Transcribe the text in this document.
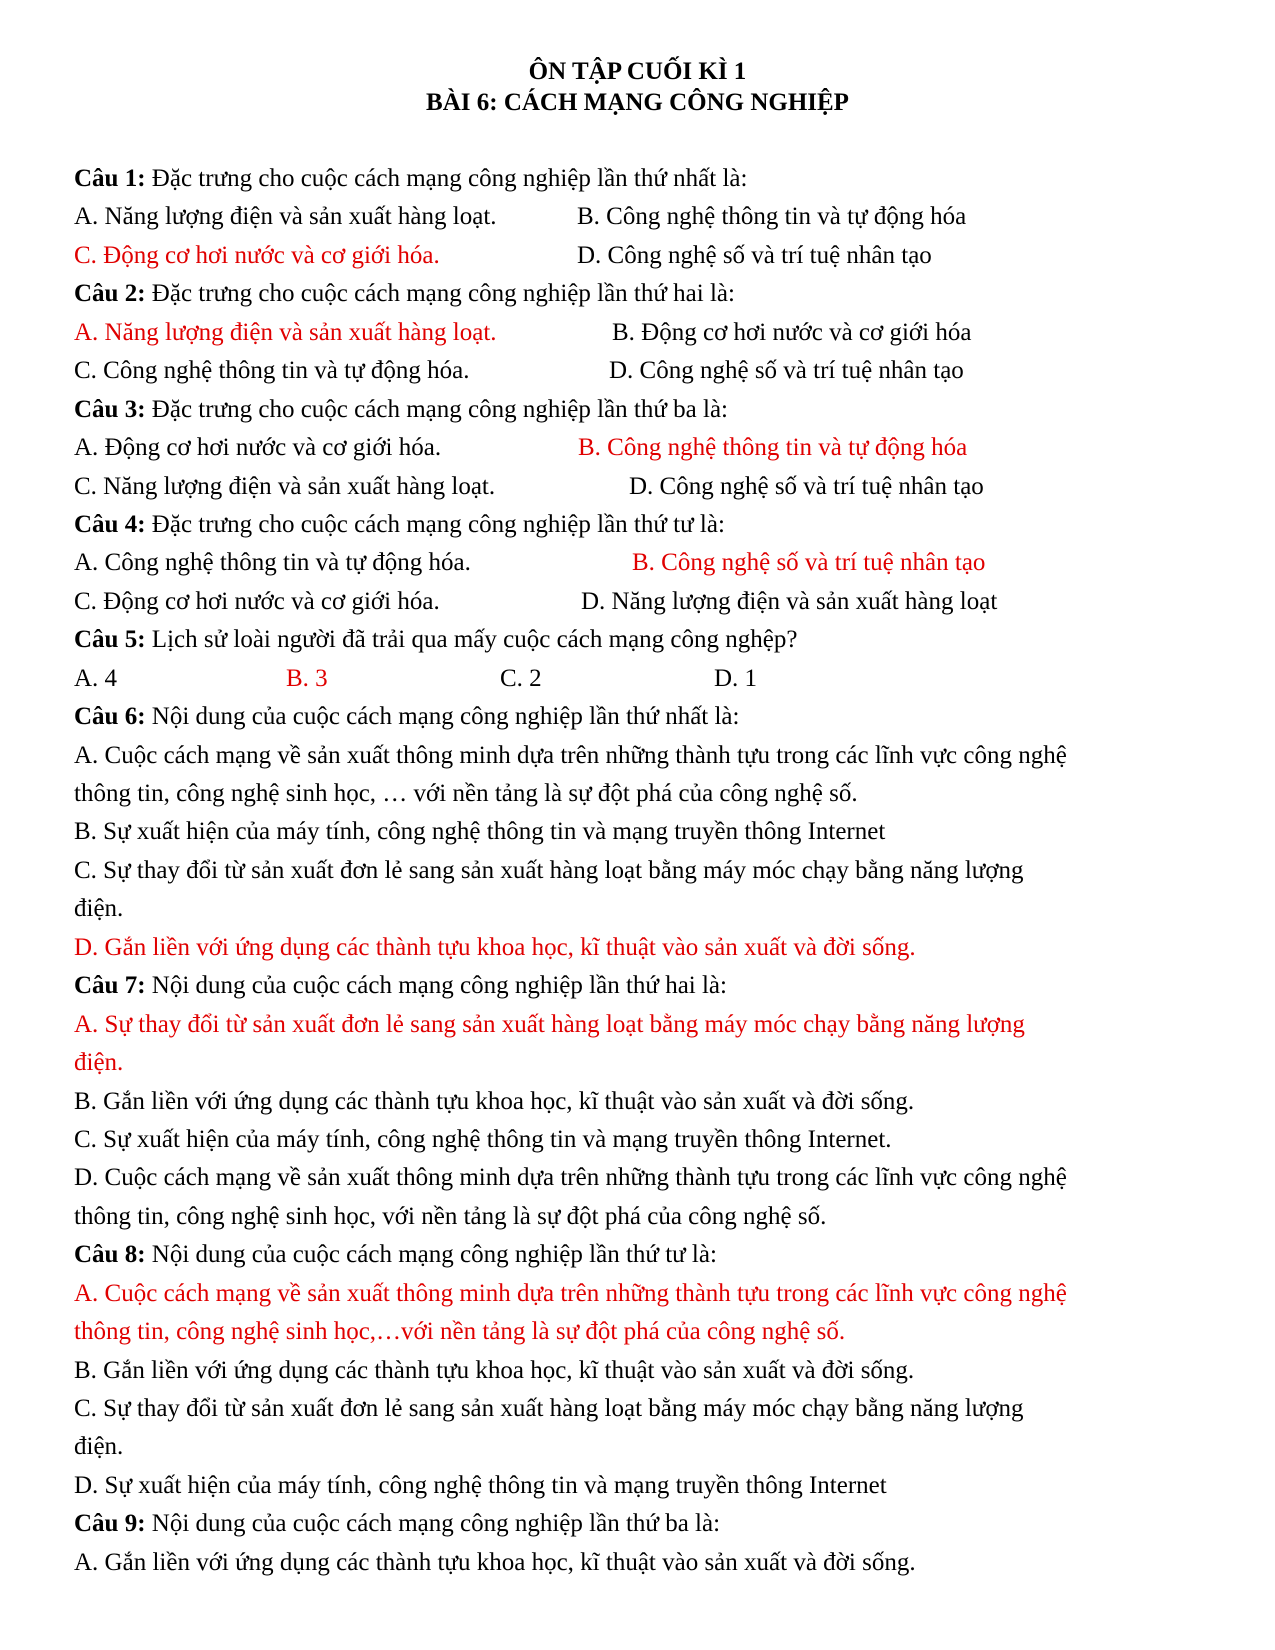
ÔN TẬP CUỐI KÌ 1
BÀI 6: CÁCH MẠNG CÔNG NGHIỆP
Câu 1: Đặc trưng cho cuộc cách mạng công nghiệp lần thứ nhất là:
A. Năng lượng điện và sản xuất hàng loạt.	B. Công nghệ thông tin và tự động hóa
C. Động cơ hơi nước và cơ giới hóa.	D. Công nghệ số và trí tuệ nhân tạo
Câu 2: Đặc trưng cho cuộc cách mạng công nghiệp lần thứ hai là:
A. Năng lượng điện và sản xuất hàng loạt.	B. Động cơ hơi nước và cơ giới hóa
C. Công nghệ thông tin và tự động hóa.	D. Công nghệ số và trí tuệ nhân tạo
Câu 3: Đặc trưng cho cuộc cách mạng công nghiệp lần thứ ba là:
A. Động cơ hơi nước và cơ giới hóa.	B. Công nghệ thông tin và tự động hóa
C. Năng lượng điện và sản xuất hàng loạt.	D. Công nghệ số và trí tuệ nhân tạo
Câu 4: Đặc trưng cho cuộc cách mạng công nghiệp lần thứ tư là:
A. Công nghệ thông tin và tự động hóa.	B. Công nghệ số và trí tuệ nhân tạo
C. Động cơ hơi nước và cơ giới hóa.	D. Năng lượng điện và sản xuất hàng loạt
Câu 5: Lịch sử loài người đã trải qua mấy cuộc cách mạng công nghệp?
A. 4	B. 3	C. 2	D. 1
Câu 6: Nội dung của cuộc cách mạng công nghiệp lần thứ nhất là:
A. Cuộc cách mạng về sản xuất thông minh dựa trên những thành tựu trong các lĩnh vực công nghệ
thông tin, công nghệ sinh học, … với nền tảng là sự đột phá của công nghệ số.
B. Sự xuất hiện của máy tính, công nghệ thông tin và mạng truyền thông Internet
C. Sự thay đổi từ sản xuất đơn lẻ sang sản xuất hàng loạt bằng máy móc chạy bằng năng lượng
điện.
D. Gắn liền với ứng dụng các thành tựu khoa học, kĩ thuật vào sản xuất và đời sống.
Câu 7: Nội dung của cuộc cách mạng công nghiệp lần thứ hai là:
A. Sự thay đổi từ sản xuất đơn lẻ sang sản xuất hàng loạt bằng máy móc chạy bằng năng lượng
điện.
B. Gắn liền với ứng dụng các thành tựu khoa học, kĩ thuật vào sản xuất và đời sống.
C. Sự xuất hiện của máy tính, công nghệ thông tin và mạng truyền thông Internet.
D. Cuộc cách mạng về sản xuất thông minh dựa trên những thành tựu trong các lĩnh vực công nghệ
thông tin, công nghệ sinh học, với nền tảng là sự đột phá của công nghệ số.
Câu 8: Nội dung của cuộc cách mạng công nghiệp lần thứ tư là:
A. Cuộc cách mạng về sản xuất thông minh dựa trên những thành tựu trong các lĩnh vực công nghệ
thông tin, công nghệ sinh học,…với nền tảng là sự đột phá của công nghệ số.
B. Gắn liền với ứng dụng các thành tựu khoa học, kĩ thuật vào sản xuất và đời sống.
C. Sự thay đổi từ sản xuất đơn lẻ sang sản xuất hàng loạt bằng máy móc chạy bằng năng lượng
điện.
D. Sự xuất hiện của máy tính, công nghệ thông tin và mạng truyền thông Internet
Câu 9: Nội dung của cuộc cách mạng công nghiệp lần thứ ba là:
A. Gắn liền với ứng dụng các thành tựu khoa học, kĩ thuật vào sản xuất và đời sống.
